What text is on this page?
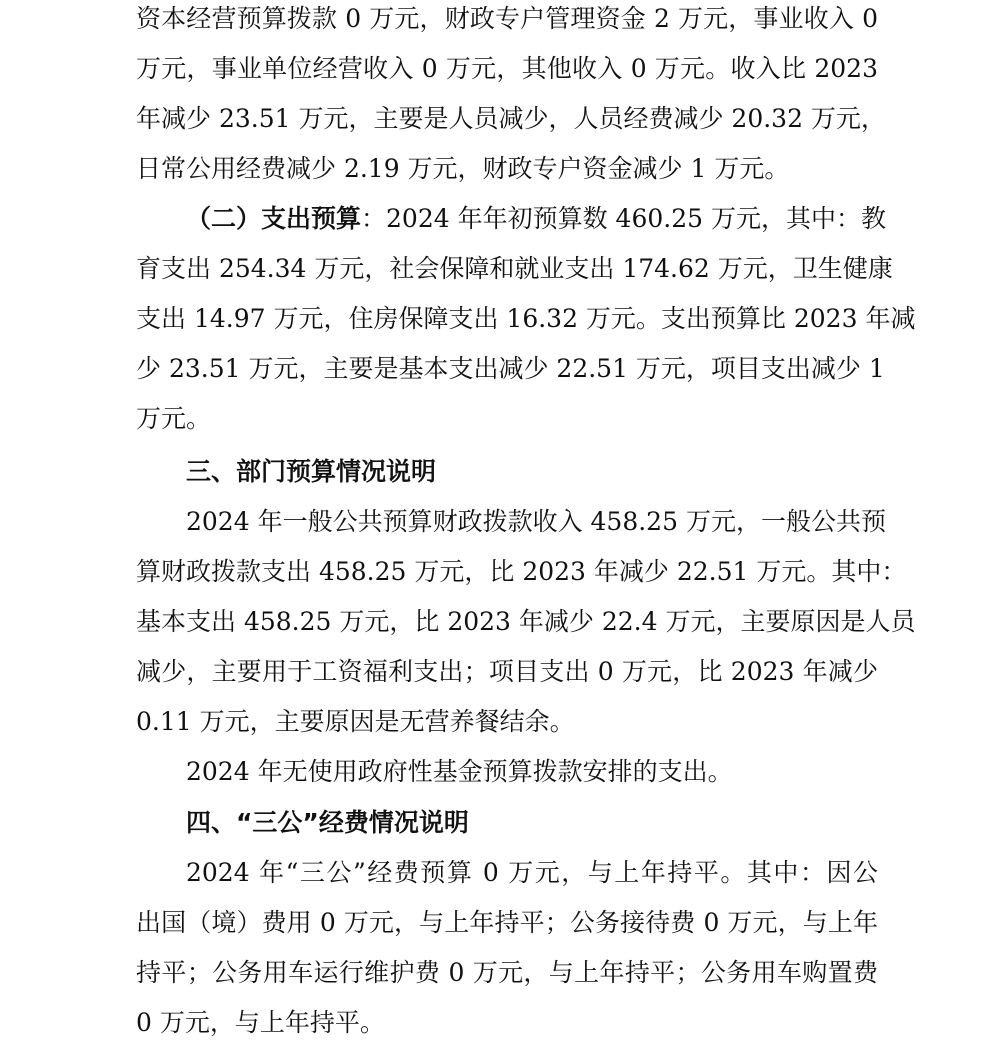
资本经营预算拨款 0 万元，财政专户管理资金 2 万元，事业收入 0
万元，事业单位经营收入 0 万元，其他收入 0 万元。收入比 2023
年减少 23.51 万元，主要是人员减少，人员经费减少 20.32 万元，
日常公用经费减少 2.19 万元，财政专户资金减少 1 万元。
（二）支出预算：2024 年年初预算数 460.25 万元，其中：教
育支出 254.34 万元，社会保障和就业支出 174.62 万元，卫生健康
支出 14.97 万元，住房保障支出 16.32 万元。支出预算比 2023 年减
少 23.51 万元，主要是基本支出减少 22.51 万元，项目支出减少 1
万元。
三、部门预算情况说明
2024 年一般公共预算财政拨款收入 458.25 万元，一般公共预
算财政拨款支出 458.25 万元，比 2023 年减少 22.51 万元。其中：
基本支出 458.25 万元，比 2023 年减少 22.4 万元，主要原因是人员
减少，主要用于工资福利支出；项目支出 0 万元，比 2023 年减少
0.11 万元，主要原因是无营养餐结余。
2024 年无使用政府性基金预算拨款安排的支出。
四、“三公”经费情况说明
2024 年“三公”经费预算 0 万元，与上年持平。其中：因公
出国（境）费用 0 万元，与上年持平；公务接待费 0 万元，与上年
持平；公务用车运行维护费 0 万元，与上年持平；公务用车购置费
0 万元，与上年持平。
